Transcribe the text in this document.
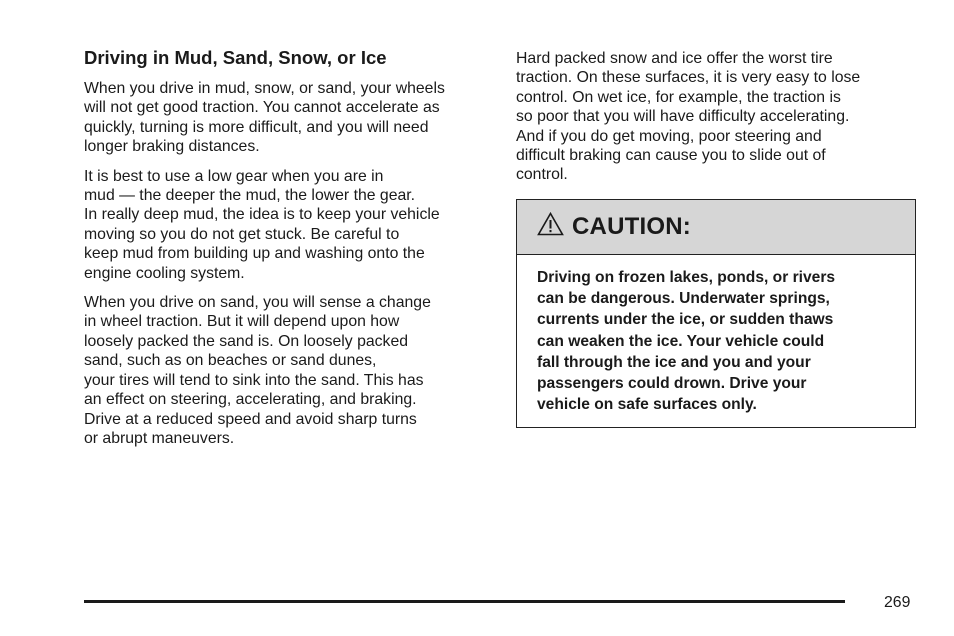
Driving in Mud, Sand, Snow, or Ice
When you drive in mud, snow, or sand, your wheels
will not get good traction. You cannot accelerate as
quickly, turning is more difficult, and you will need
longer braking distances.
It is best to use a low gear when you are in
mud — the deeper the mud, the lower the gear.
In really deep mud, the idea is to keep your vehicle
moving so you do not get stuck. Be careful to
keep mud from building up and washing onto the
engine cooling system.
When you drive on sand, you will sense a change
in wheel traction. But it will depend upon how
loosely packed the sand is. On loosely packed
sand, such as on beaches or sand dunes,
your tires will tend to sink into the sand. This has
an effect on steering, accelerating, and braking.
Drive at a reduced speed and avoid sharp turns
or abrupt maneuvers.
Hard packed snow and ice offer the worst tire
traction. On these surfaces, it is very easy to lose
control. On wet ice, for example, the traction is
so poor that you will have difficulty accelerating.
And if you do get moving, poor steering and
difficult braking can cause you to slide out of
control.
CAUTION:
Driving on frozen lakes, ponds, or rivers
can be dangerous. Underwater springs,
currents under the ice, or sudden thaws
can weaken the ice. Your vehicle could
fall through the ice and you and your
passengers could drown. Drive your
vehicle on safe surfaces only.
269
